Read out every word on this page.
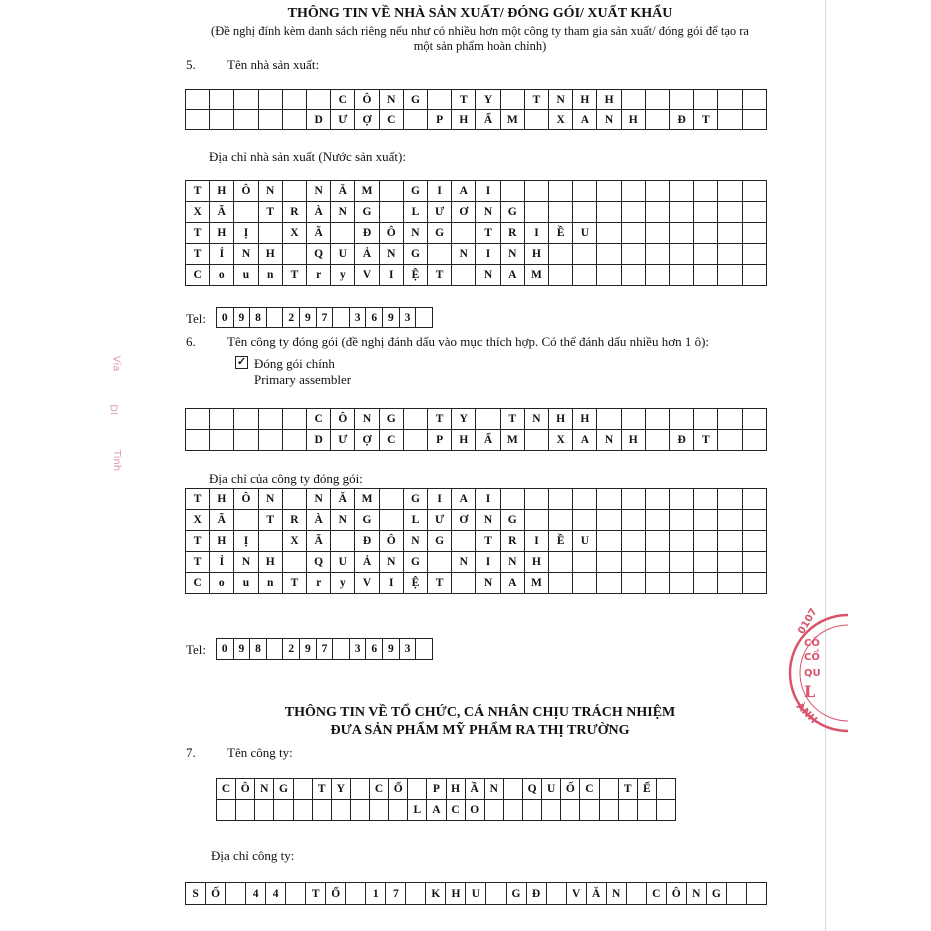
THÔNG TIN VỀ NHÀ SẢN XUẤT/ ĐÓNG GÓI/ XUẤT KHẨU
(Đề nghị đính kèm danh sách riêng nếu như có nhiều hơn một công ty tham gia sản xuất/ đóng gói để tạo ra
một sản phẩm hoàn chỉnh)
5. Tên nhà sản xuất:
						C	Ô	N	G		T	Y		T	N	H	H						
					D	Ư	Ợ	C		P	H	Ẩ	M		X	A	N	H		Đ	T		
Địa chỉ nhà sản xuất (Nước sản xuất):
T	H	Ô	N		N	Ă	M		G	I	A	I											
X	Ã		T	R	À	N	G		L	Ư	Ơ	N	G										
T	H	Ị		X	Ã		Đ	Ô	N	G		T	R	I	Ề	U							
T	Ỉ	N	H		Q	U	Ả	N	G		N	I	N	H									
C	o	u	n	T	r	y	V	I	Ệ	T		N	A	M									
Tel: 0	9	8		2	9	7		3	6	9	3	
6. Tên công ty đóng gói (đề nghị đánh dấu vào mục thích hợp. Có thể đánh dấu nhiều hơn 1 ô):
✓ Đóng gói chính
Primary assembler
					C	Ô	N	G		T	Y		T	N	H	H							
					D	Ư	Ợ	C		P	H	Ẩ	M		X	A	N	H		Đ	T		
Địa chỉ của công ty đóng gói:
T	H	Ô	N		N	Ă	M		G	I	A	I											
X	Ã		T	R	À	N	G		L	Ư	Ơ	N	G										
T	H	Ị		X	Ã		Đ	Ô	N	G		T	R	I	Ề	U							
T	Ỉ	N	H		Q	U	Ả	N	G		N	I	N	H									
C	o	u	n	T	r	y	V	I	Ệ	T		N	A	M									
Tel: 0	9	8		2	9	7		3	6	9	3	
THÔNG TIN VỀ TỔ CHỨC, CÁ NHÂN CHỊU TRÁCH NHIỆM
ĐƯA SẢN PHẨM MỸ PHẨM RA THỊ TRƯỜNG
7. Tên công ty:
C	Ô	N	G		T	Y		C	Ổ		P	H	Ầ	N		Q	U	Ố	C		T	Ế	
										L	A	C	O										
Địa chỉ công ty:
S	Ố		4	4		T	Ổ		1	7		K	H	U		G	Đ		V	Ă	N		C	Ô	N	G		
0107
CÔ
CỔ
QU
L
ÀNH
Vỉa
Dl
Tinh
